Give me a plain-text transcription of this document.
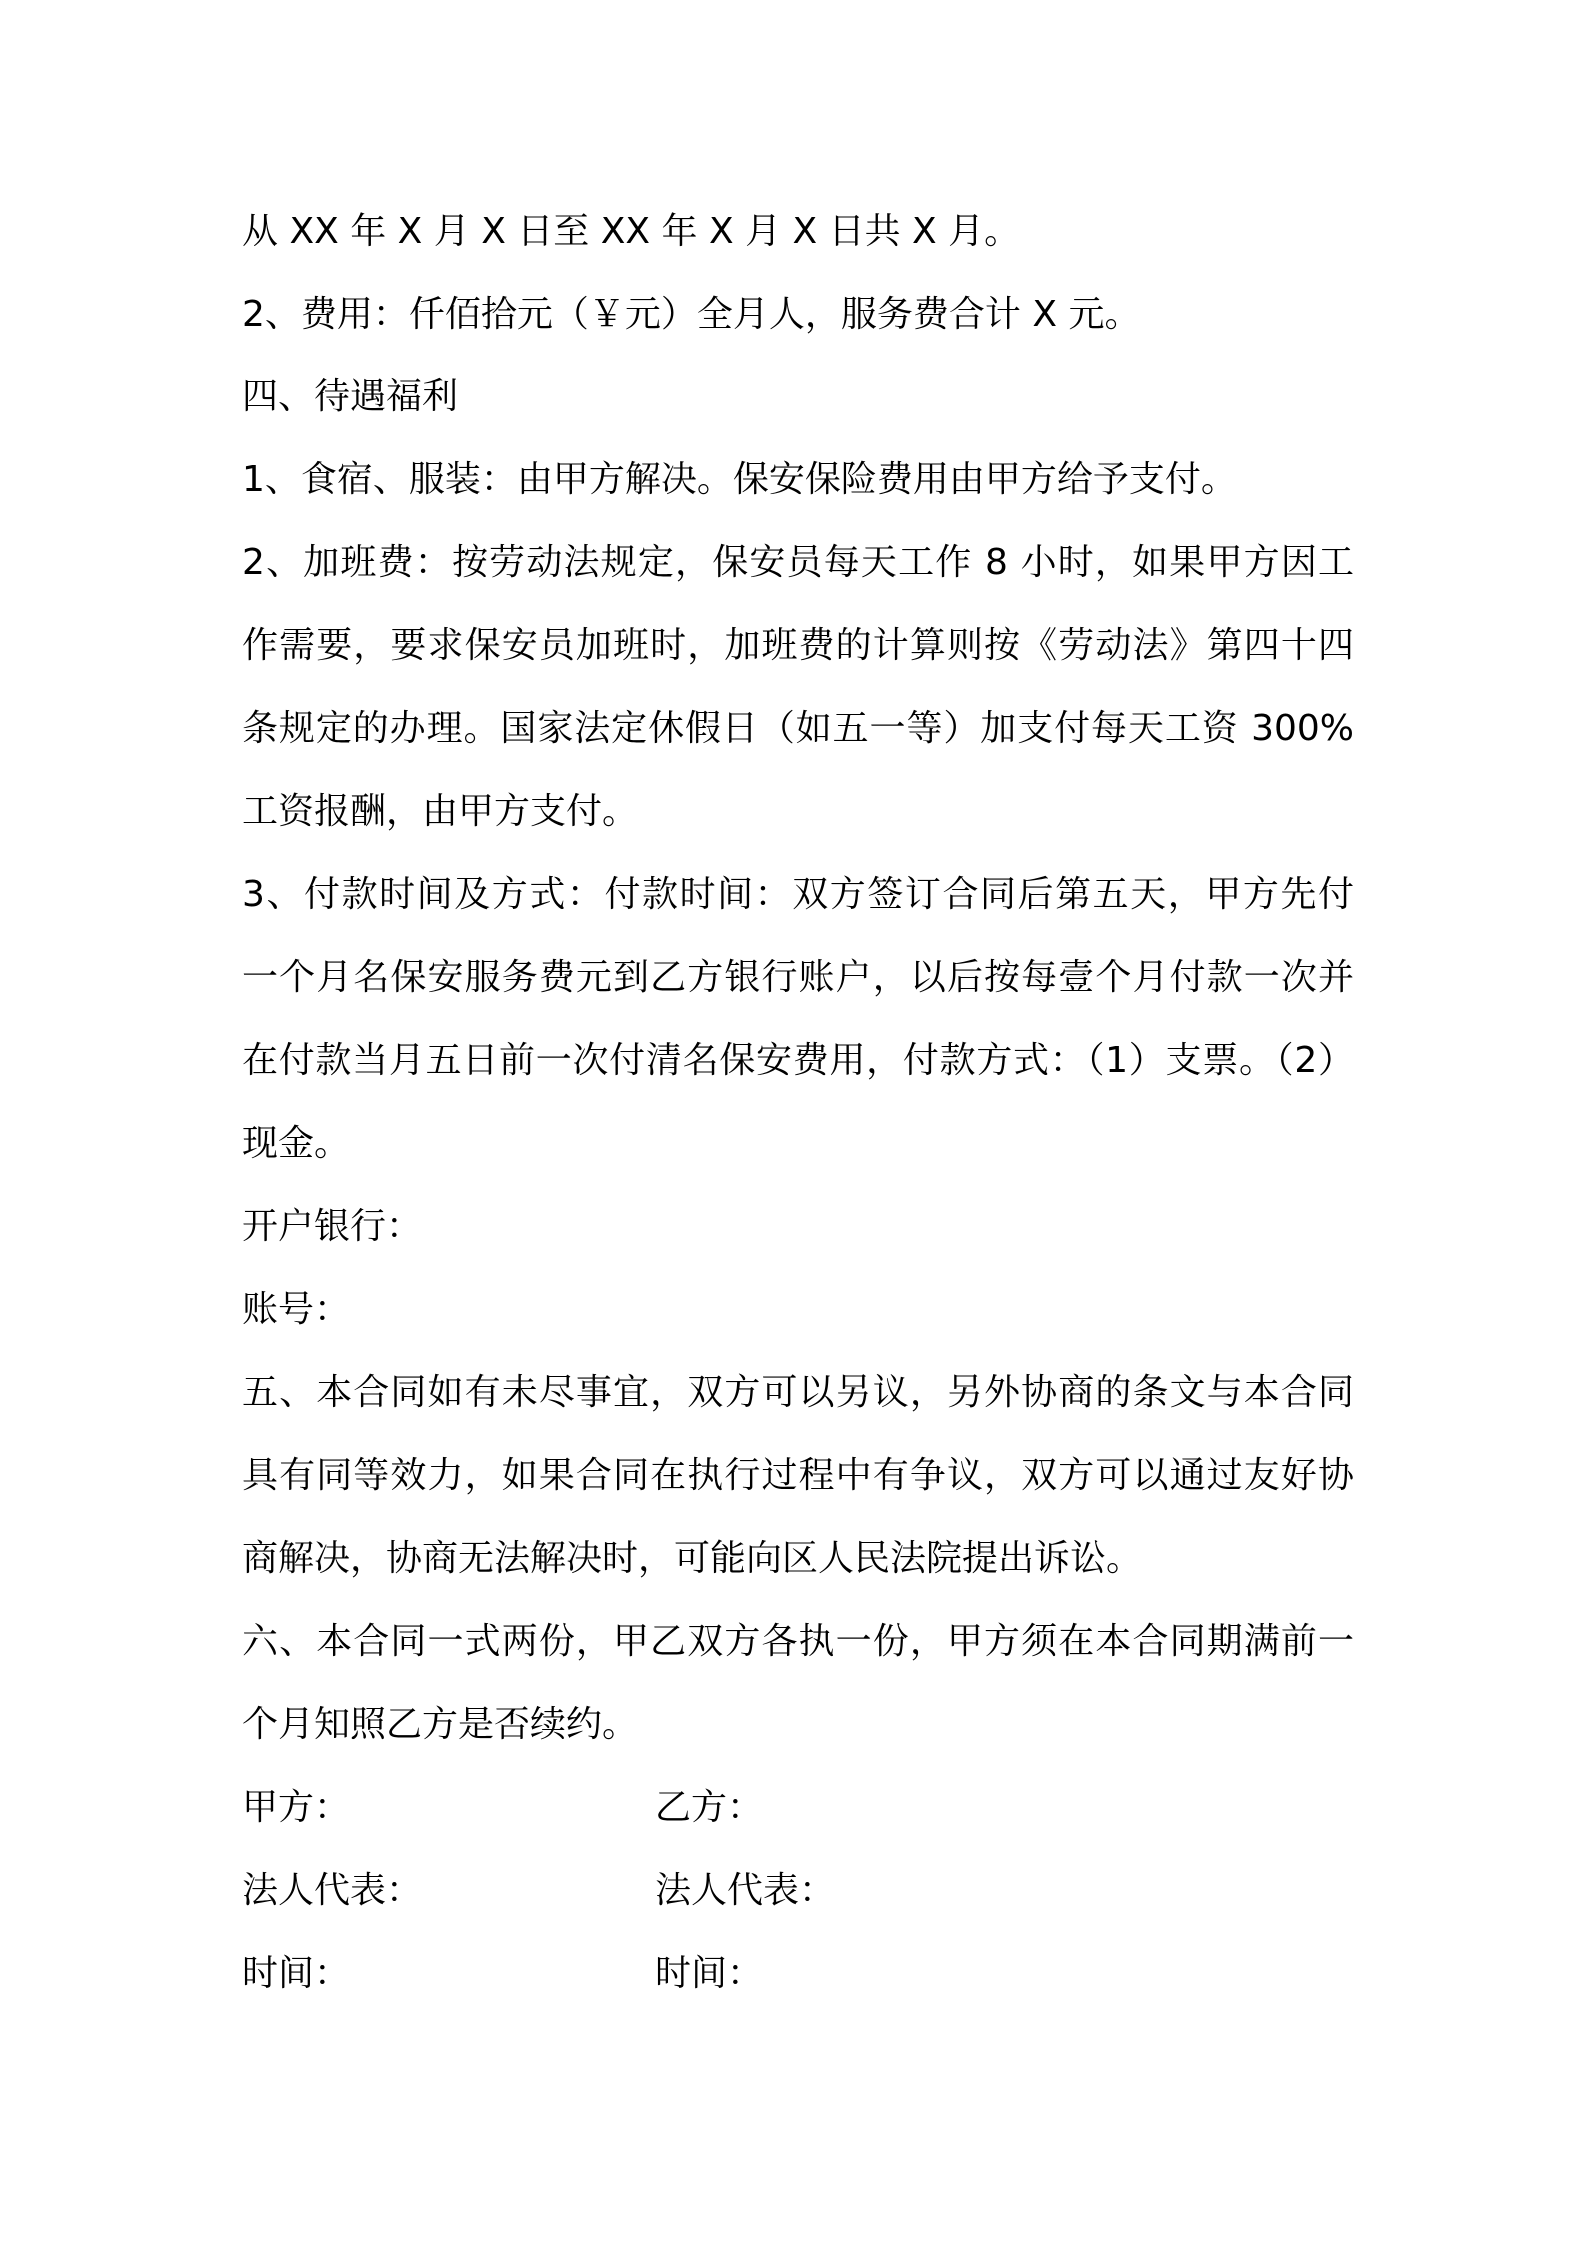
从 XX 年 X 月 X 日至 XX 年 X 月 X 日共 X 月。
2、费用：仟佰拾元（￥元）全月人，服务费合计 X 元。
四、待遇福利
1、食宿、服装：由甲方解决。保安保险费用由甲方给予支付。
2、加班费：按劳动法规定，保安员每天工作 8 小时，如果甲方因工
作需要，要求保安员加班时，加班费的计算则按《劳动法》第四十四
条规定的办理。国家法定休假日（如五一等）加支付每天工资 300%
工资报酬，由甲方支付。
3、付款时间及方式：付款时间：双方签订合同后第五天，甲方先付
一个月名保安服务费元到乙方银行账户，以后按每壹个月付款一次并
在付款当月五日前一次付清名保安费用，付款方式：（1）支票。（2）
现金。
开户银行：
账号：
五、本合同如有未尽事宜，双方可以另议，另外协商的条文与本合同
具有同等效力，如果合同在执行过程中有争议，双方可以通过友好协
商解决，协商无法解决时，可能向区人民法院提出诉讼。
六、本合同一式两份，甲乙双方各执一份，甲方须在本合同期满前一
个月知照乙方是否续约。
甲方：	乙方：
法人代表：	法人代表：
时间：	时间：
